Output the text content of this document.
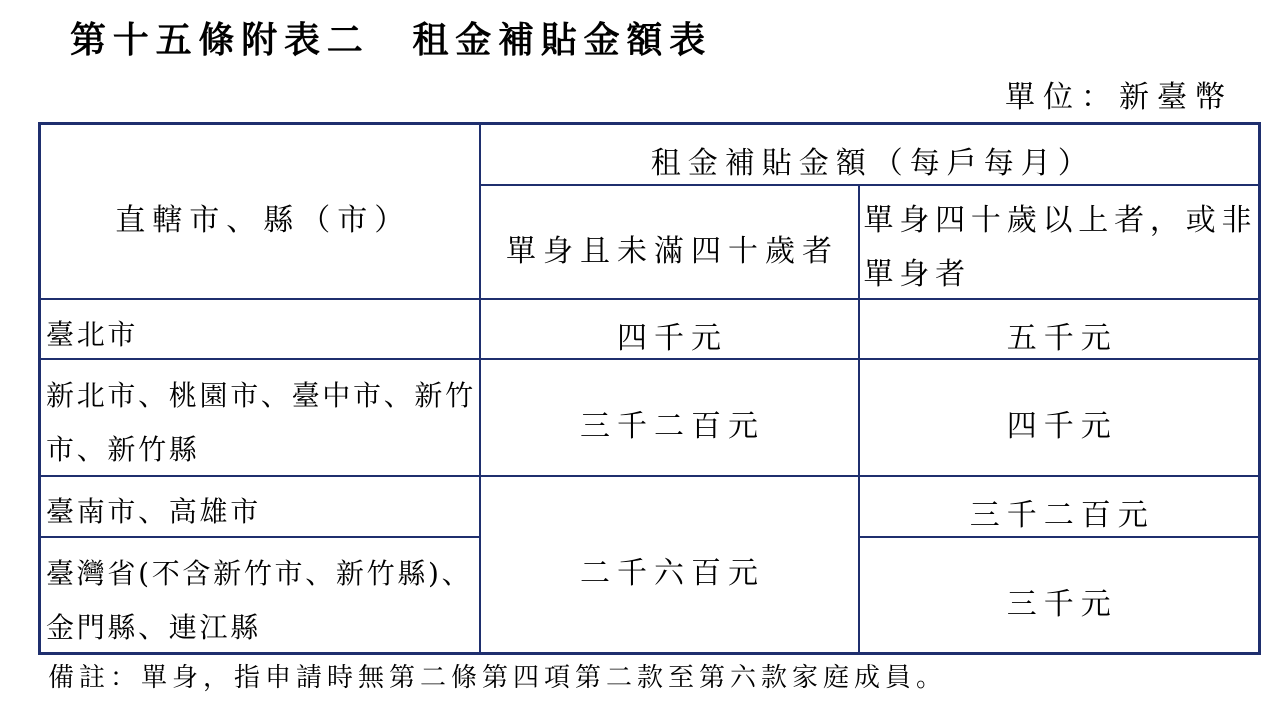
第十五條附表二　租金補貼金額表
單位：新臺幣
直轄市、縣（市）	租金補貼金額（每戶每月）	

	單身且未滿四十歲者	單身四十歲以上者，或非
單身者

臺北市	四千元	五千元

新北市、桃園市、臺中市、新竹
市、新竹縣	三千二百元	四千元

臺南市、高雄市	二千六百元	三千二百元

臺灣省(不含新竹市、新竹縣)、
金門縣、連江縣		三千元
備註：單身，指申請時無第二條第四項第二款至第六款家庭成員。
